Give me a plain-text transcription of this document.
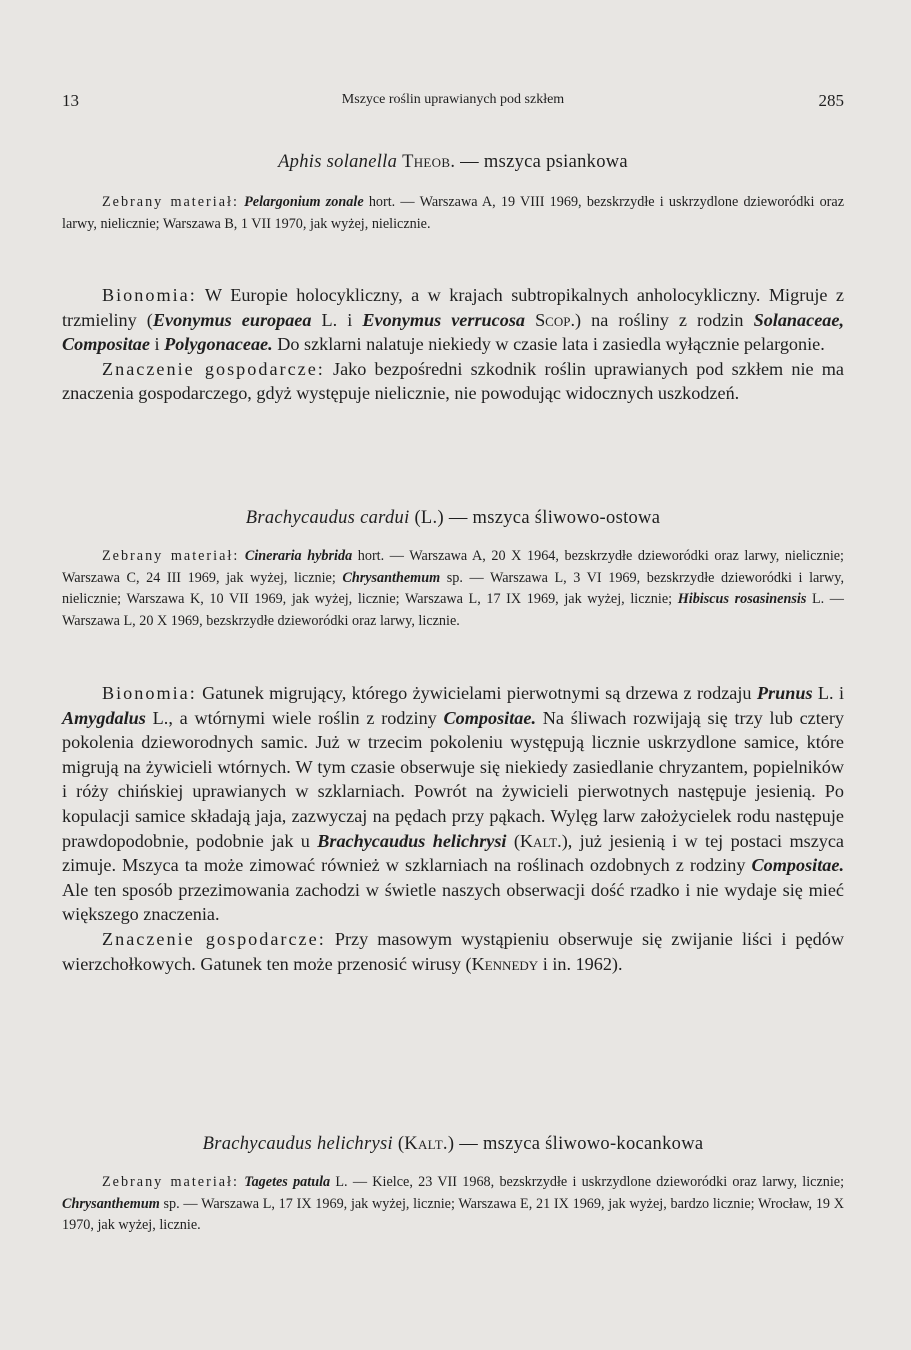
13	Mszyce roślin uprawianych pod szkłem	285
Aphis solanella Theob. — mszyca psiankowa

Zebrany materiał: Pelargonium zonale hort. — Warszawa A, 19 VIII 1969, bezskrzydłe i uskrzydlone dzieworódki oraz larwy, nielicznie; Warszawa B, 1 VII 1970, jak wyżej, nielicznie.

Bionomia: W Europie holocykliczny, a w krajach subtropikalnych anholocykliczny. Migruje z trzmieliny (Evonymus europaea L. i Evonymus verrucosa Scop.) na rośliny z rodzin Solanaceae, Compositae i Polygonaceae. Do szklarni nalatuje niekiedy w czasie lata i zasiedla wyłącznie pelargonie.

Znaczenie gospodarcze: Jako bezpośredni szkodnik roślin uprawianych pod szkłem nie ma znaczenia gospodarczego, gdyż występuje nielicznie, nie powodując widocznych uszkodzeń.

Brachycaudus cardui (L.) — mszyca śliwowo-ostowa

Zebrany materiał: Cineraria hybrida hort. — Warszawa A, 20 X 1964, bezskrzydłe dzieworódki oraz larwy, nielicznie; Warszawa C, 24 III 1969, jak wyżej, licznie; Chrysanthemum sp. — Warszawa L, 3 VI 1969, bezskrzydłe dzieworódki i larwy, nielicznie; Warszawa K, 10 VII 1969, jak wyżej, licznie; Warszawa L, 17 IX 1969, jak wyżej, licznie; Hibiscus rosasinensis L. — Warszawa L, 20 X 1969, bezskrzydłe dzieworódki oraz larwy, licznie.

Bionomia: Gatunek migrujący, którego żywicielami pierwotnymi są drzewa z rodzaju Prunus L. i Amygdalus L., a wtórnymi wiele roślin z rodziny Compositae. Na śliwach rozwijają się trzy lub cztery pokolenia dzieworodnych samic. Już w trzecim pokoleniu występują licznie uskrzydlone samice, które migrują na żywicieli wtórnych. W tym czasie obserwuje się niekiedy zasiedlanie chryzantem, popielników i róży chińskiej uprawianych w szklarniach. Powrót na żywicieli pierwotnych następuje jesienią. Po kopulacji samice składają jaja, zazwyczaj na pędach przy pąkach. Wylęg larw założycielek rodu następuje prawdopodobnie, podobnie jak u Brachycaudus helichrysi (Kalt.), już jesienią i w tej postaci mszyca zimuje. Mszyca ta może zimować również w szklarniach na roślinach ozdobnych z rodziny Compositae. Ale ten sposób przezimowania zachodzi w świetle naszych obserwacji dość rzadko i nie wydaje się mieć większego znaczenia.

Znaczenie gospodarcze: Przy masowym wystąpieniu obserwuje się zwijanie liści i pędów wierzchołkowych. Gatunek ten może przenosić wirusy (Kennedy i in. 1962).

Brachycaudus helichrysi (Kalt.) — mszyca śliwowo-kocankowa

Zebrany materiał: Tagetes patula L. — Kielce, 23 VII 1968, bezskrzydłe i uskrzydlone dzieworódki oraz larwy, licznie; Chrysanthemum sp. — Warszawa L, 17 IX 1969, jak wyżej, licznie; Warszawa E, 21 IX 1969, jak wyżej, bardzo licznie; Wrocław, 19 X 1970, jak wyżej, licznie.
